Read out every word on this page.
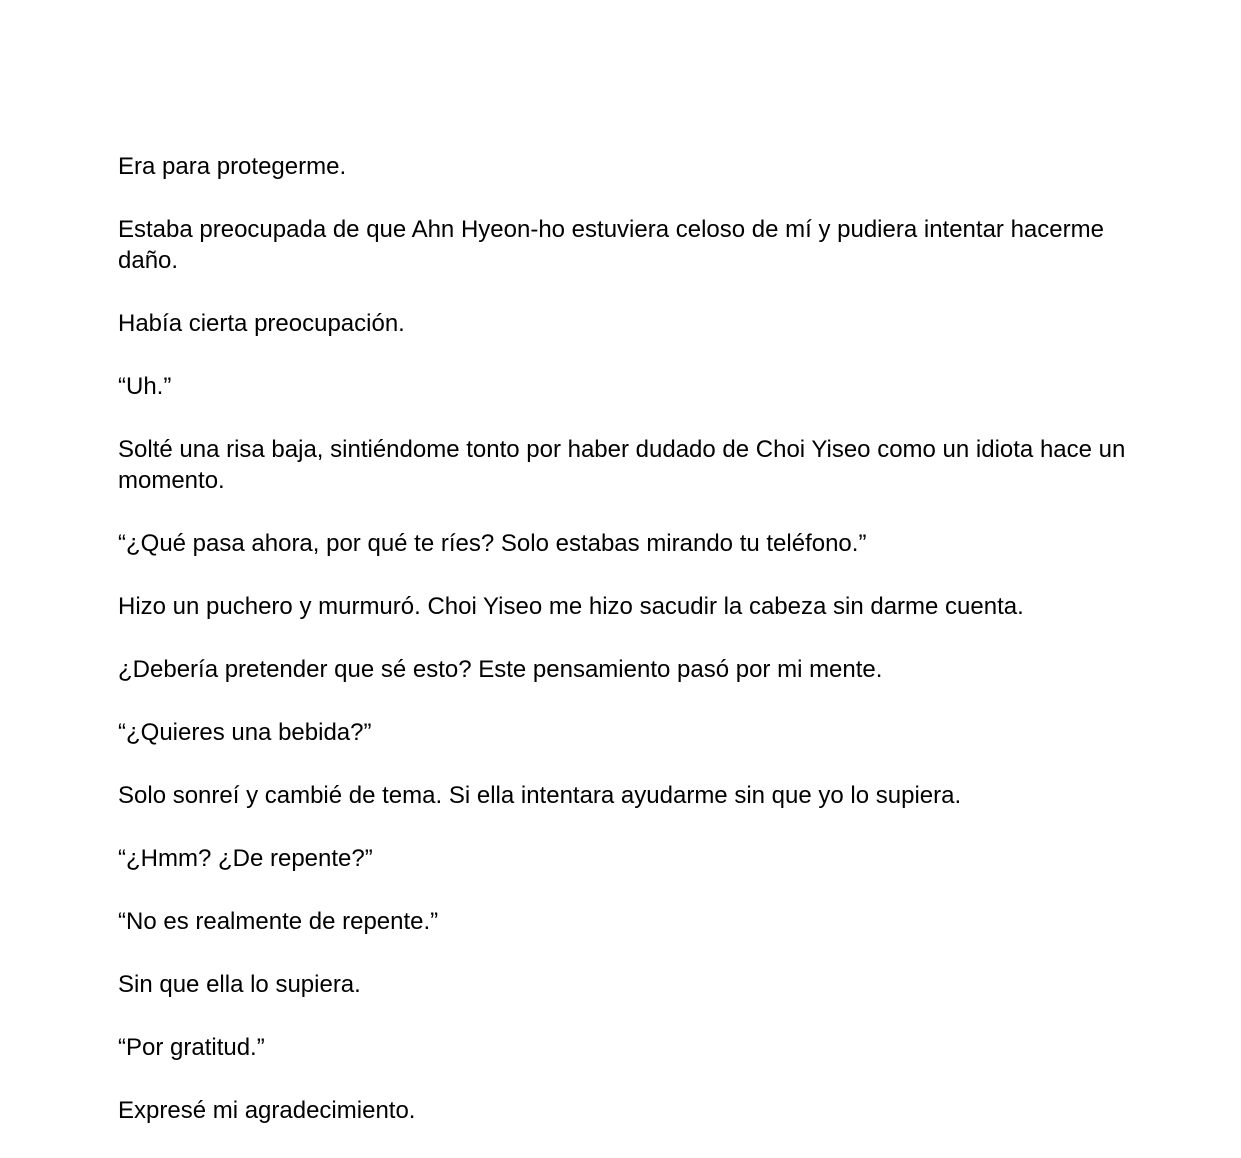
Era para protegerme.

Estaba preocupada de que Ahn Hyeon-ho estuviera celoso de mí y pudiera intentar hacerme daño.

Había cierta preocupación.

“Uh.”

Solté una risa baja, sintiéndome tonto por haber dudado de Choi Yiseo como un idiota hace un momento.

“¿Qué pasa ahora, por qué te ríes? Solo estabas mirando tu teléfono.”

Hizo un puchero y murmuró. Choi Yiseo me hizo sacudir la cabeza sin darme cuenta.

¿Debería pretender que sé esto? Este pensamiento pasó por mi mente.

“¿Quieres una bebida?”

Solo sonreí y cambié de tema. Si ella intentara ayudarme sin que yo lo supiera.

“¿Hmm? ¿De repente?”

“No es realmente de repente.”

Sin que ella lo supiera.

“Por gratitud.”

Expresé mi agradecimiento.
